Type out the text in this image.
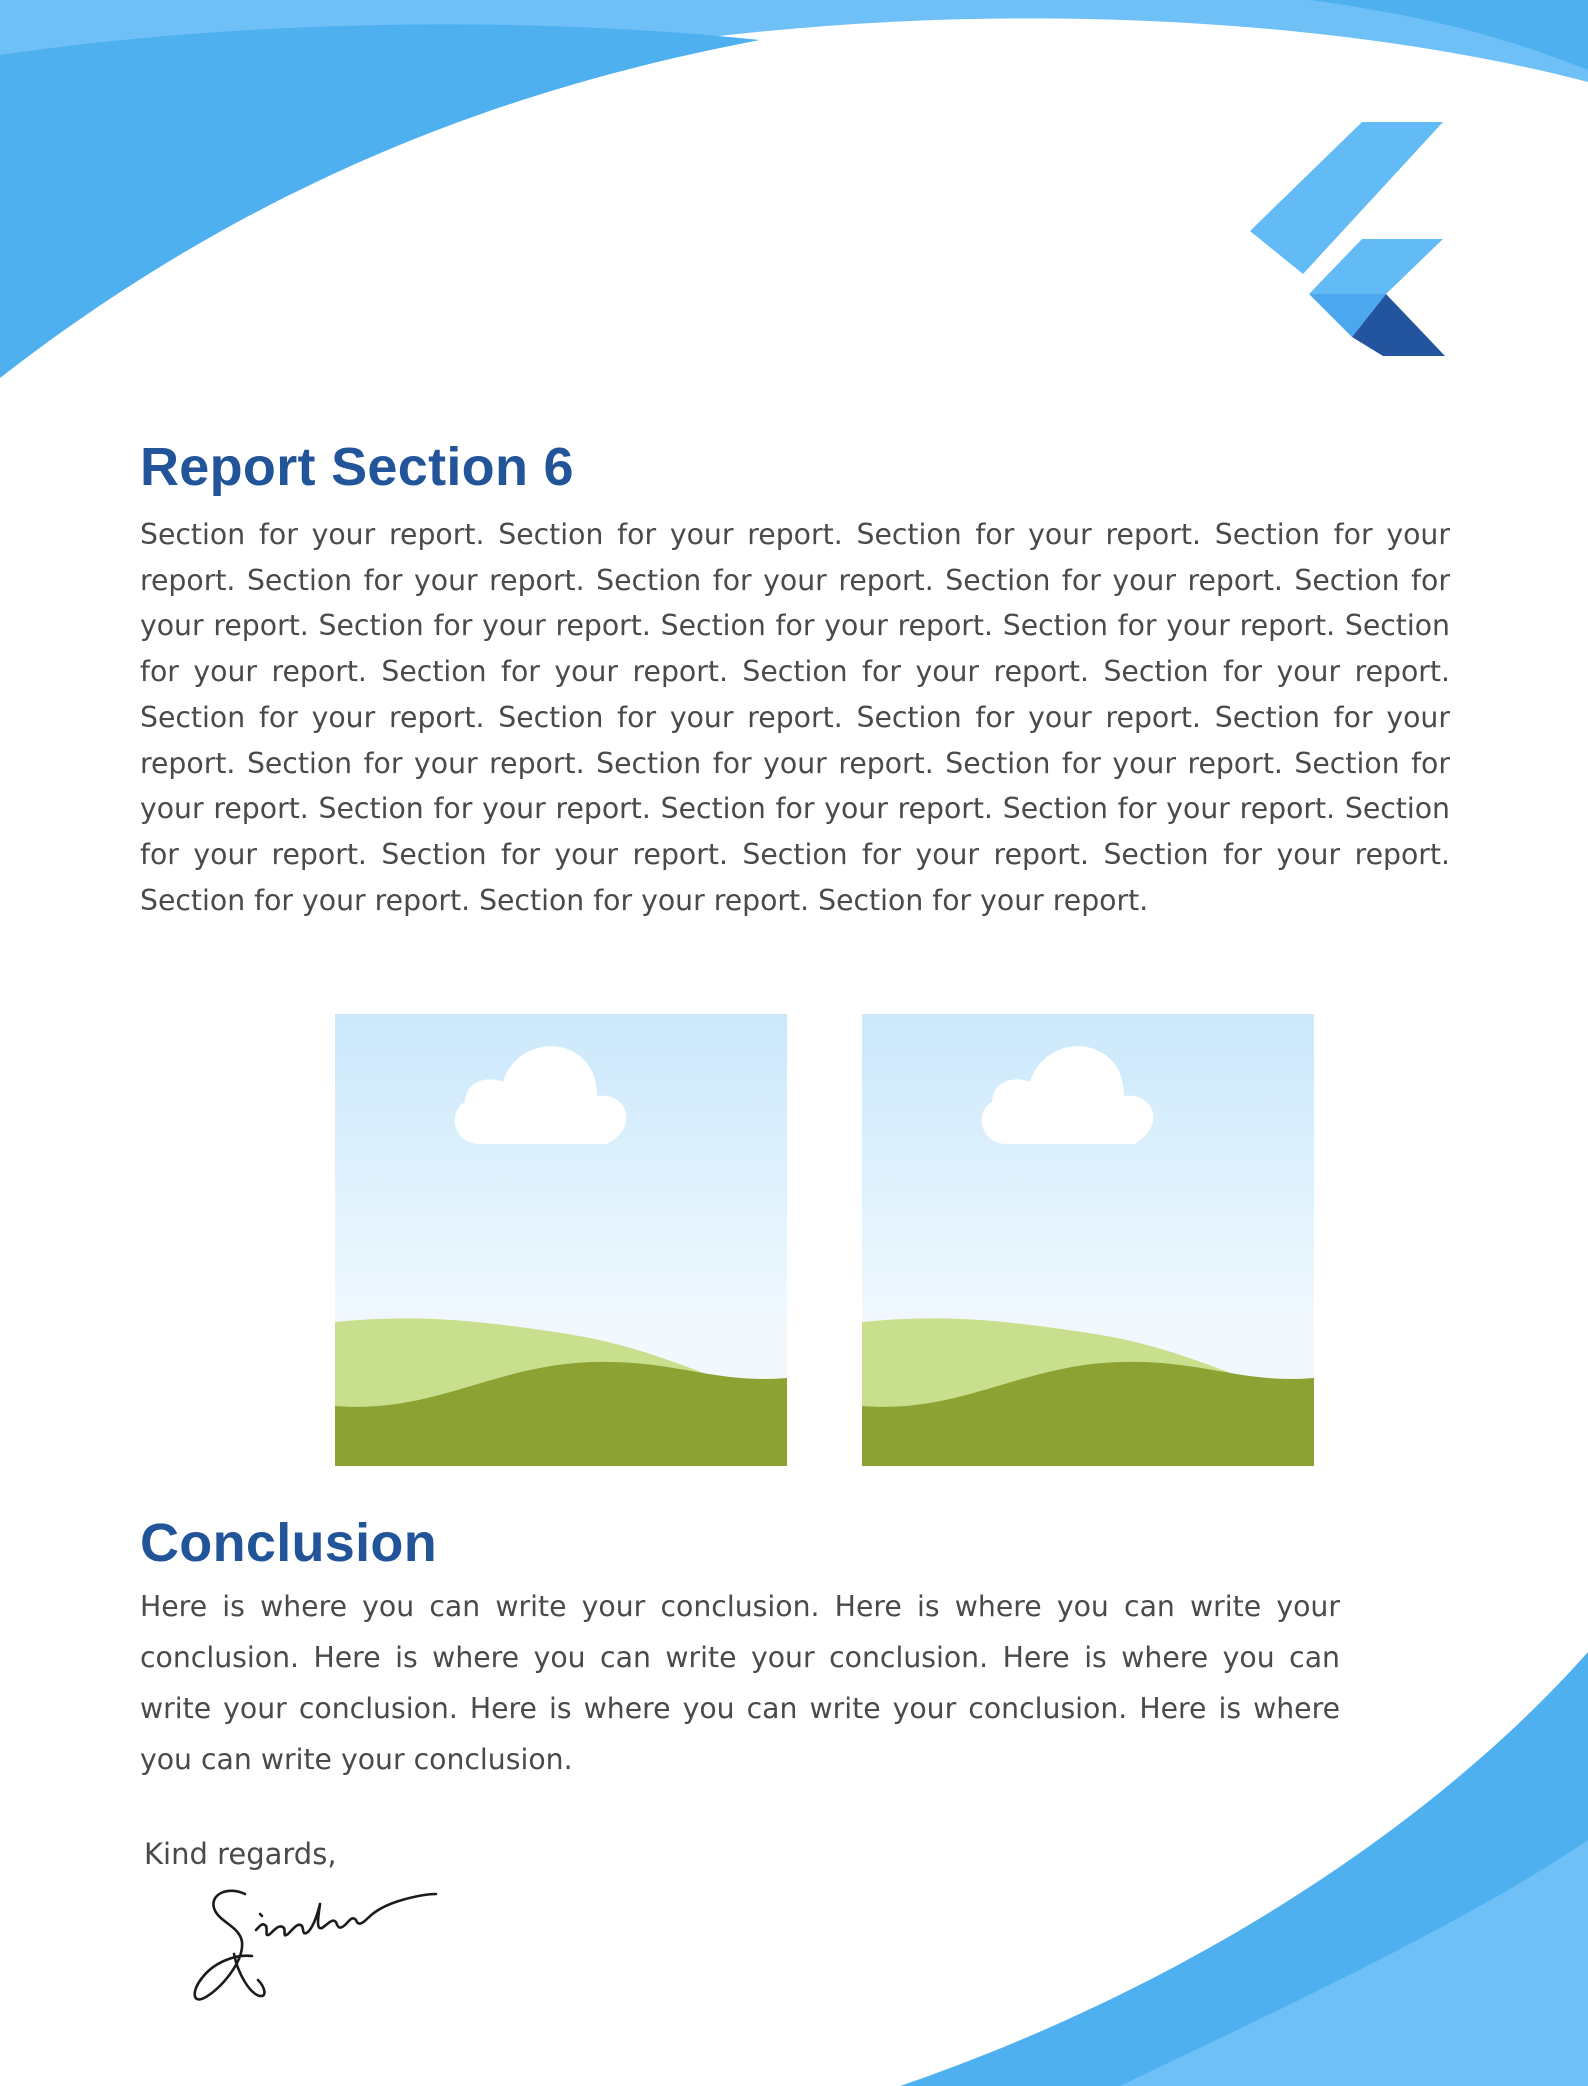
Report Section 6

Section for your report. Section for your report. Section for your report. Section for your report. Section for your report. Section for your report. Section for your report. Section for your report. Section for your report. Section for your report. Section for your report. Section for your report. Section for your report. Section for your report. Section for your report. Section for your report. Section for your report. Section for your report. Section for your report. Section for your report. Section for your report. Section for your report. Section for your report. Section for your report. Section for your report. Section for your report. Section for your report. Section for your report. Section for your report. Section for your report. Section for your report. Section for your report. Section for your report.

Conclusion

Here is where you can write your conclusion. Here is where you can write your conclusion. Here is where you can write your conclusion. Here is where you can write your conclusion. Here is where you can write your conclusion. Here is where you can write your conclusion.

Kind regards,
